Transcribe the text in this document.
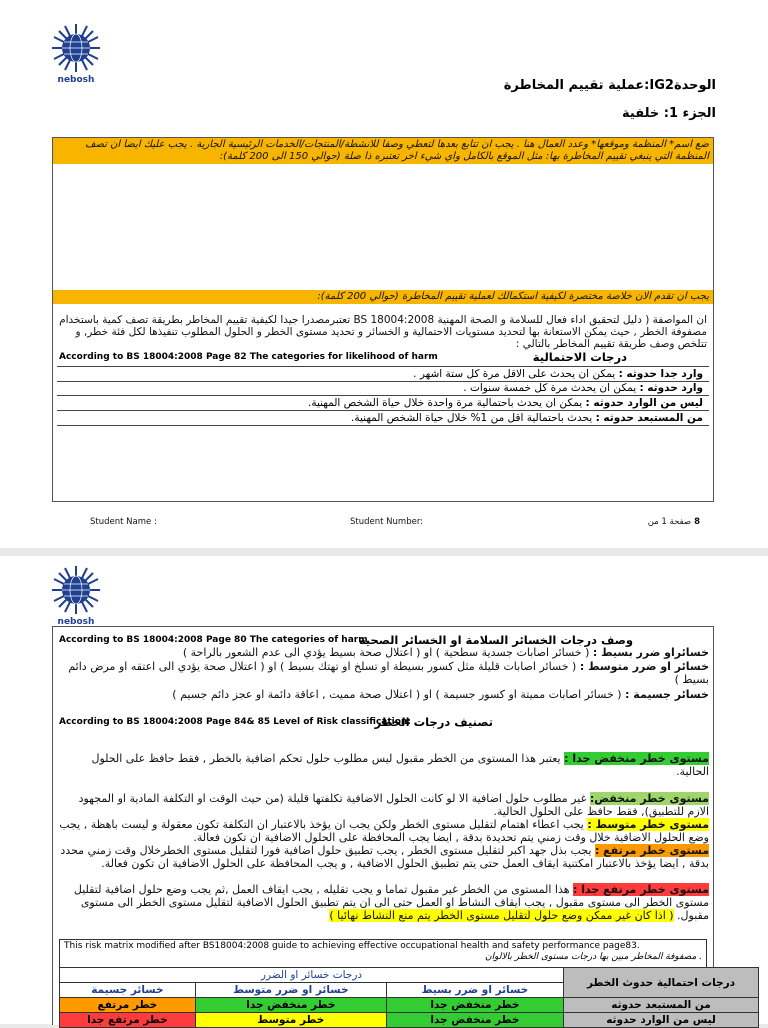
nebosh	الوحدةIG2:عملية تقييم المخاطرة
الجزء 1: خلفية
ضع اسم* المنظمة وموقعها* وعدد العمال هنا . يجب ان تتابع بعدها لتعطي وصفا للانشطة/المنتجات/الخدمات الرئيسية الجارية . يجب عليك ايضا ان تصف المنظمة التي ينبغي تقييم المخاطرة بها: مثل الموقع بالكامل واي شيء اخر تعتبره ذا صلة (حوالي 150 الى 200 كلمة):
يجب ان تقدم الان خلاصة مختصرة لكيفية استكمالك لعملية تقييم المخاطرة (حوالي 200 كلمة):
ان المواصفة ( دليل لتحقيق اداء فعال للسلامة و الصحة المهنية BS 18004:2008 تعتبرمصدرا جيدا لكيفية تقييم المخاطر بطريقة تصف كمية باستخدام مصفوفة الخطر , حيث يمكن الاستعانة بها لتحديد مستويات الاحتمالية و الخسائر و تحديد مستوى الخطر و الحلول المطلوب تنفيذها لكل فئة خطر, و تتلخص وصف طريقة تقييم المخاطر بالتالي :
According to BS 18004:2008 Page 82 The categories for likelihood of harm	درجات الاحتمالية
وارد جدا حدوثه : يمكن ان يحدث على الاقل مرة كل ستة اشهر .
وارد حدوثه : يمكن ان يحدث مرة كل خمسة سنوات .
ليس من الوارد حدوثه : يمكن ان يحدث باحتمالية مرة واحدة خلال حياة الشخص المهنية.
من المستبعد حدوثه : يحدث باحتمالية اقل من 1% خلال حياة الشخص المهنية.
Student Name :	Student Number:	8 صفحة 1 من
nebosh
According to BS 18004:2008 Page 80 The categories of harm
وصف درجات الخسائر السلامة او الخسائر الصحية
خسائراو ضرر بسيط : ( خسائر اصابات جسدية سطحية ) او ( اعتلال صحة بسيط يؤدي الى عدم الشعور بالراحة )
خسائر او ضرر متوسط : ( خسائر اصابات قليلة مثل كسور بسيطة او تسلخ او تهتك بسيط ) او ( اعتلال صحة يؤدي الى اعتقه او مرض دائم بسيط )
خسائر جسيمة : ( خسائر اصابات مميتة او كسور جسيمة ) او ( اعتلال صحة مميت , اعاقة دائمة او عجز دائم جسيم )
According to BS 18004:2008 Page 84& 85 Level of Risk classification:
تصنيف درجات الخطر
مستوى خطر منخفض جدا : يعتبر هذا المستوى من الخطر مقبول ليس مطلوب حلول تحكم اضافية بالخطر , فقط حافظ على الحلول الحالية.
مستوى خطر منخفض: غير مطلوب حلول اضافية الا لو كانت الحلول الاضافية تكلفتها قليلة (من حيث الوقت او التكلفة المادية او المجهود الازم للتطبيق), فقط حافظ على الحلول الحالية.
مستوى خطر متوسط : يجب اعطاء اهتمام لتقليل مستوى الخطر ولكن يجب ان يؤخذ بالاعتبار ان التكلفة تكون معقولة و ليست باهظة , يجب وضع الحلول الاضافية خلال وقت زمني يتم تحديدة بدقة , ايضا يجب المحافظة على الحلول الاضافية ان تكون فعالة.
مستوى خطر مرتفع : يجب بذل جهد اكبر لتقليل مستوى الخطر , يجب تطبيق حلول اضافية فورا لتقليل مستوى الخطرخلال وقت زمني محدد بدقة , ايضا يؤخذ بالاعتبار امكتنية ايقاف العمل حتى يتم تطبيق الحلول الاضافية , و يجب المحافظة على الحلول الاضافية ان تكون فعالة.
مستوى خطر مرتفع جدا : هذا المستوى من الخطر غير مقبول تماما و يجب تقليله , يجب ايقاف العمل ,ثم يجب وضع حلول اضافية لتقليل مستوى الخطر الى مستوى مقبول , يجب ايقاف النشاط او العمل حتى الى ان يتم تطبيق الحلول الاضافية لتقليل مستوى الخطر الى مستوى مقبول. ( اذا كان غير ممكن وضع حلول لتقليل مستوى الخطر يتم منع النشاط نهائيا )
This risk matrix modified after BS18004:2008 guide to achieving effective occupational health and safety performance page83.
. مصفوفة المخاطر مبين بها درجات مستوى الخطر بالالوان
درجات احتمالية حدوث الخطر	درجات خسائر او الضرر		
	خسائر او ضرر بسيط	خسائر او ضرر متوسط	خسائر جسيمة
من المستبعد حدوثه	خطر منخفض جدا	خطر منخفض جدا	خطر مرتفع
ليس من الوارد حدوثه	خطر منخفض جدا	خطر متوسط	خطر مرتفع جدا
